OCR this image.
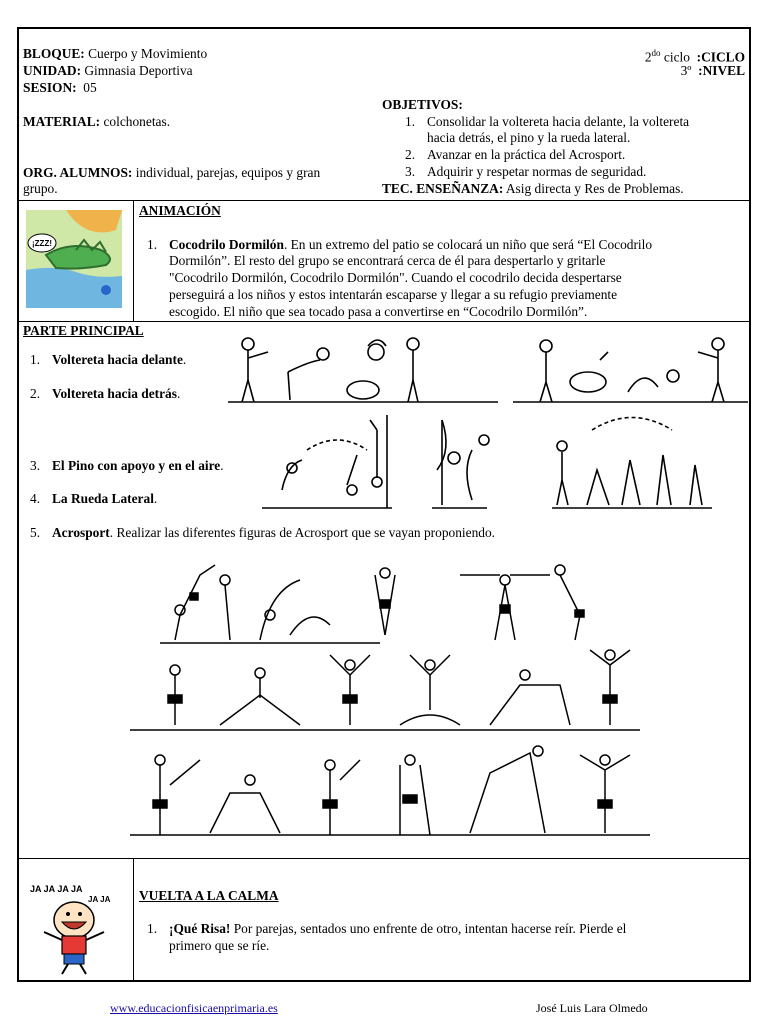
BLOQUE: Cuerpo y Movimiento
UNIDAD: Gimnasia Deportiva
SESION: 05
$2^{do}$ ciclo :CICLO
3º :NIVEL
MATERIAL: colchonetas.
ORG. ALUMNOS: individual, parejas, equipos y gran
grupo.
OBJETIVOS:
1. Consolidar la voltereta hacia delante, la voltereta
hacia detrás, el pino y la rueda lateral.
2. Avanzar en la práctica del Acrosport.
3. Adquirir y respetar normas de seguridad.
TEC. ENSEÑANZA: Asig directa y Res de Problemas.
¡ZZZ!
ANIMACIÓN
1. Cocodrilo Dormilón. En un extremo del patio se colocará un niño que será “El Cocodrilo
Dormilón”. El resto del grupo se encontrará cerca de él para despertarlo y gritarle
"Cocodrilo Dormilón, Cocodrilo Dormilón". Cuando el cocodrilo decida despertarse
perseguirá a los niños y estos intentarán escaparse y llegar a su refugio previamente
escogido. El niño que sea tocado pasa a convertirse en “Cocodrilo Dormilón”.
PARTE PRINCIPAL
1. Voltereta hacia delante.
2. Voltereta hacia detrás.
3. El Pino con apoyo y en el aire.
4. La Rueda Lateral.
5. Acrosport. Realizar las diferentes figuras de Acrosport que se vayan proponiendo.
JA JA JA JA
JA JA VUELTA A LA CALMA
1. ¡Qué Risa! Por parejas, sentados uno enfrente de otro, intentan hacerse reír. Pierde el
primero que se ríe.
www.educacionfisicaenprimaria.es	José Luis Lara Olmedo
